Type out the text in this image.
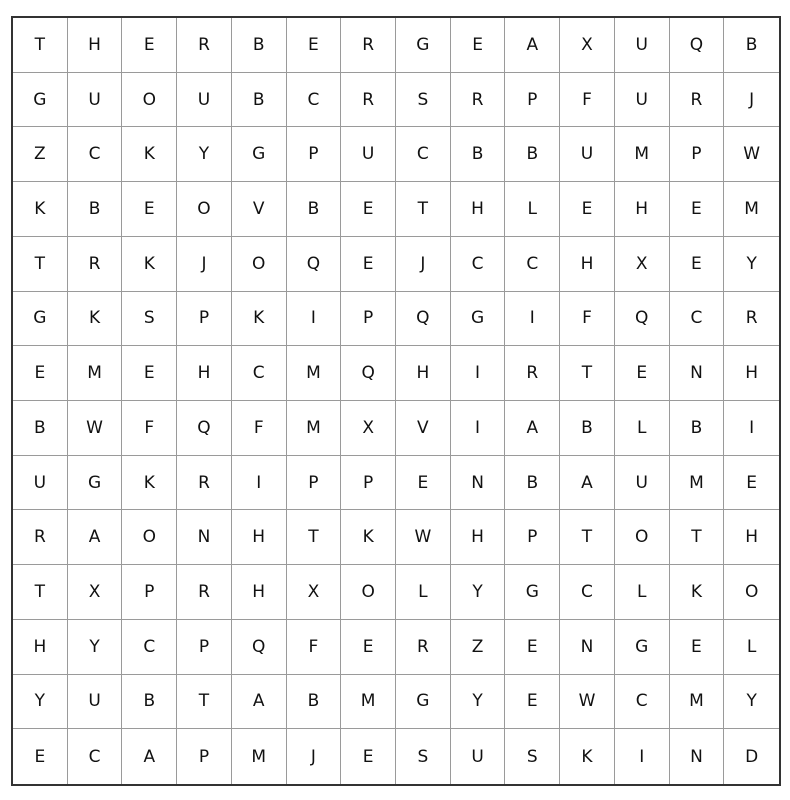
T	H	E	R	B	E	R	G	E	A	X	U	Q	B
G	U	O	U	B	C	R	S	R	P	F	U	R	J
Z	C	K	Y	G	P	U	C	B	B	U	M	P	W
K	B	E	O	V	B	E	T	H	L	E	H	E	M
T	R	K	J	O	Q	E	J	C	C	H	X	E	Y
G	K	S	P	K	I	P	Q	G	I	F	Q	C	R
E	M	E	H	C	M	Q	H	I	R	T	E	N	H
B	W	F	Q	F	M	X	V	I	A	B	L	B	I
U	G	K	R	I	P	P	E	N	B	A	U	M	E
R	A	O	N	H	T	K	W	H	P	T	O	T	H
T	X	P	R	H	X	O	L	Y	G	C	L	K	O
H	Y	C	P	Q	F	E	R	Z	E	N	G	E	L
Y	U	B	T	A	B	M	G	Y	E	W	C	M	Y
E	C	A	P	M	J	E	S	U	S	K	I	N	D
